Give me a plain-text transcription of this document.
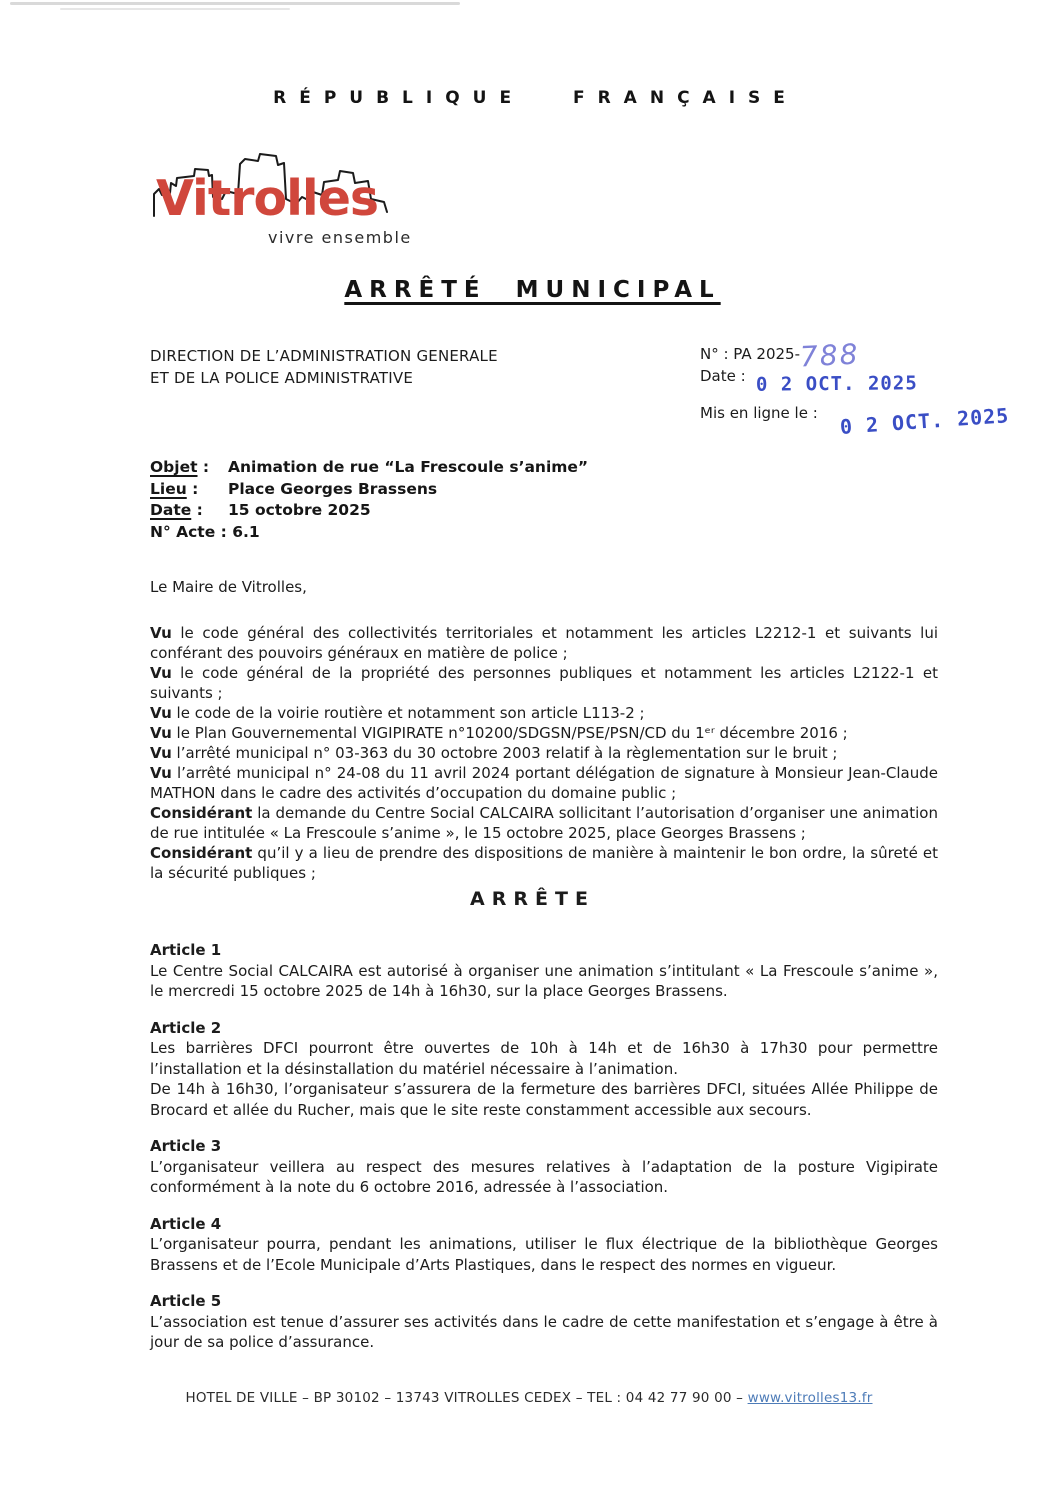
RÉPUBLIQUE FRANÇAISE
Vitrolles
vivre ensemble
ARRÊTÉ MUNICIPAL
DIRECTION DE L’ADMINISTRATION GENERALE
ET DE LA POLICE ADMINISTRATIVE
N° : PA 2025-788
Date : 0 2 OCT. 2025
Mis en ligne le : 0 2 OCT. 2025
Objet :	Animation de rue “La Frescoule s’anime”
Lieu :	Place Georges Brassens
Date :	15 octobre 2025
N° Acte : 6.1
Le Maire de Vitrolles,

Vu le code général des collectivités territoriales et notamment les articles L2212-1 et suivants lui conférant des pouvoirs généraux en matière de police ;

Vu le code général de la propriété des personnes publiques et notamment les articles L2122-1 et suivants ;

Vu le code de la voirie routière et notamment son article L113-2 ;

Vu le Plan Gouvernemental VIGIPIRATE n°10200/SDGSN/PSE/PSN/CD du 1ᵉʳ décembre 2016 ;

Vu l’arrêté municipal n° 03-363 du 30 octobre 2003 relatif à la règlementation sur le bruit ;

Vu l’arrêté municipal n° 24-08 du 11 avril 2024 portant délégation de signature à Monsieur Jean-Claude MATHON dans le cadre des activités d’occupation du domaine public ;

Considérant la demande du Centre Social CALCAIRA sollicitant l’autorisation d’organiser une animation de rue intitulée « La Frescoule s’anime », le 15 octobre 2025, place Georges Brassens ;

Considérant qu’il y a lieu de prendre des dispositions de manière à maintenir le bon ordre, la sûreté et la sécurité publiques ;

ARRÊTE
Article 1

Le Centre Social CALCAIRA est autorisé à organiser une animation s’intitulant « La Frescoule s’anime », le mercredi 15 octobre 2025 de 14h à 16h30, sur la place Georges Brassens.

Article 2

Les barrières DFCI pourront être ouvertes de 10h à 14h et de 16h30 à 17h30 pour permettre l’installation et la désinstallation du matériel nécessaire à l’animation.

De 14h à 16h30, l’organisateur s’assurera de la fermeture des barrières DFCI, situées Allée Philippe de Brocard et allée du Rucher, mais que le site reste constamment accessible aux secours.

Article 3

L’organisateur veillera au respect des mesures relatives à l’adaptation de la posture Vigipirate conformément à la note du 6 octobre 2016, adressée à l’association.

Article 4

L’organisateur pourra, pendant les animations, utiliser le flux électrique de la bibliothèque Georges Brassens et de l’Ecole Municipale d’Arts Plastiques, dans le respect des normes en vigueur.

Article 5

L’association est tenue d’assurer ses activités dans le cadre de cette manifestation et s’engage à être à jour de sa police d’assurance.

HOTEL DE VILLE – BP 30102 – 13743 VITROLLES CEDEX – TEL : 04 42 77 90 00 – www.vitrolles13.fr
